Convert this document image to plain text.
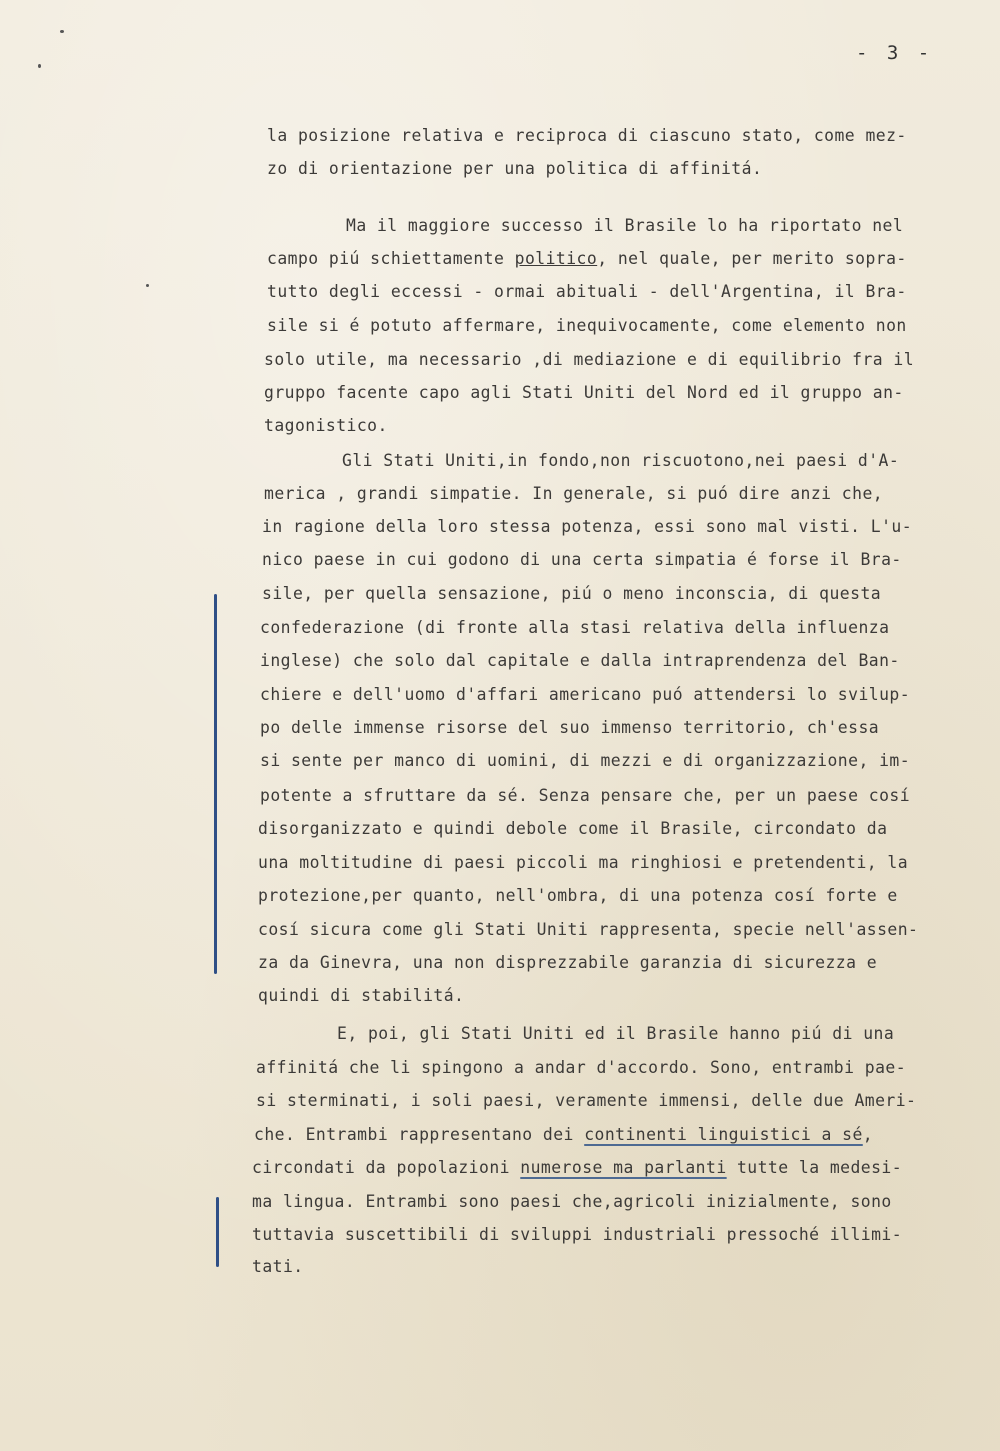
- 3 -
la posizione relativa e reciproca di ciascuno stato, come mez-
zo di orientazione per una politica di affinitá.
Ma il maggiore successo il Brasile lo ha riportato nel
campo piú schiettamente politico, nel quale, per merito sopra-
tutto degli eccessi - ormai abituali - dell'Argentina, il Bra-
sile si é potuto affermare, inequivocamente, come elemento non
solo utile, ma necessario ,di mediazione e di equilibrio fra il
gruppo facente capo agli Stati Uniti del Nord ed il gruppo an-
tagonistico.
Gli Stati Uniti,in fondo,non riscuotono,nei paesi d'A-
merica , grandi simpatie. In generale, si puó dire anzi che,
in ragione della loro stessa potenza, essi sono mal visti. L'u-
nico paese in cui godono di una certa simpatia é forse il Bra-
sile, per quella sensazione, piú o meno inconscia, di questa
confederazione (di fronte alla stasi relativa della influenza
inglese) che solo dal capitale e dalla intraprendenza del Ban-
chiere e dell'uomo d'affari americano puó attendersi lo svilup-
po delle immense risorse del suo immenso territorio, ch'essa
si sente per manco di uomini, di mezzi e di organizzazione, im-
potente a sfruttare da sé. Senza pensare che, per un paese cosí
disorganizzato e quindi debole come il Brasile, circondato da
una moltitudine di paesi piccoli ma ringhiosi e pretendenti, la
protezione,per quanto, nell'ombra, di una potenza cosí forte e
cosí sicura come gli Stati Uniti rappresenta, specie nell'assen-
za da Ginevra, una non disprezzabile garanzia di sicurezza e
quindi di stabilitá.
E, poi, gli Stati Uniti ed il Brasile hanno piú di una
affinitá che li spingono a andar d'accordo. Sono, entrambi pae-
si sterminati, i soli paesi, veramente immensi, delle due Ameri-
che. Entrambi rappresentano dei continenti linguistici a sé,
circondati da popolazioni numerose ma parlanti tutte la medesi-
ma lingua. Entrambi sono paesi che,agricoli inizialmente, sono
tuttavia suscettibili di sviluppi industriali pressoché illimi-
tati.
